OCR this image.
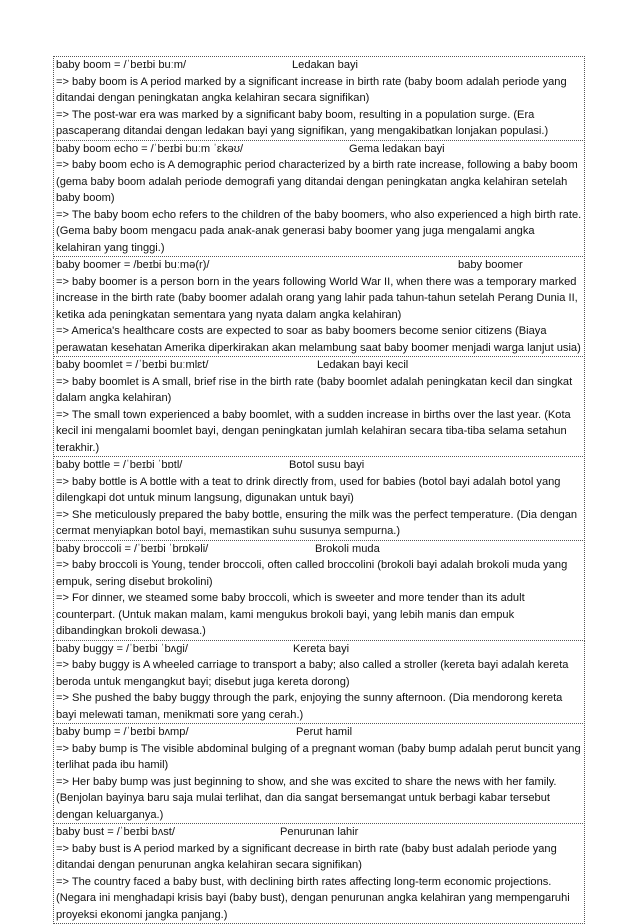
baby boom = /ˈbeɪbi buːm/	Ledakan bayi
=> baby boom is A period marked by a significant increase in birth rate (baby boom adalah periode yang ditandai dengan peningkatan angka kelahiran secara signifikan)
=> The post-war era was marked by a significant baby boom, resulting in a population surge. (Era pascaperang ditandai dengan ledakan bayi yang signifikan, yang mengakibatkan lonjakan populasi.)
baby boom echo = /ˈbeɪbi buːm ˈɛkəʊ/	Gema ledakan bayi
=> baby boom echo is A demographic period characterized by a birth rate increase, following a baby boom (gema baby boom adalah periode demografi yang ditandai dengan peningkatan angka kelahiran setelah baby boom)
=> The baby boom echo refers to the children of the baby boomers, who also experienced a high birth rate. (Gema baby boom mengacu pada anak-anak generasi baby boomer yang juga mengalami angka kelahiran yang tinggi.)
baby boomer = /beɪbi buːmə(r)/	baby boomer
=> baby boomer is a person born in the years following World War II, when there was a temporary marked increase in the birth rate (baby boomer adalah orang yang lahir pada tahun-tahun setelah Perang Dunia II, ketika ada peningkatan sementara yang nyata dalam angka kelahiran)
=> America's healthcare costs are expected to soar as baby boomers become senior citizens (Biaya perawatan kesehatan Amerika diperkirakan akan melambung saat baby boomer menjadi warga lanjut usia)
baby boomlet = /ˈbeɪbi buːmlɛt/	Ledakan bayi kecil
=> baby boomlet is A small, brief rise in the birth rate (baby boomlet adalah peningkatan kecil dan singkat dalam angka kelahiran)
=> The small town experienced a baby boomlet, with a sudden increase in births over the last year. (Kota kecil ini mengalami boomlet bayi, dengan peningkatan jumlah kelahiran secara tiba-tiba selama setahun terakhir.)
baby bottle = /ˈbeɪbi ˈbɒtl/	Botol susu bayi
=> baby bottle is A bottle with a teat to drink directly from, used for babies (botol bayi adalah botol yang dilengkapi dot untuk minum langsung, digunakan untuk bayi)
=> She meticulously prepared the baby bottle, ensuring the milk was the perfect temperature. (Dia dengan cermat menyiapkan botol bayi, memastikan suhu susunya sempurna.)
baby broccoli = /ˈbeɪbi ˈbrɒkəli/	Brokoli muda
=> baby broccoli is Young, tender broccoli, often called broccolini (brokoli bayi adalah brokoli muda yang empuk, sering disebut brokolini)
=> For dinner, we steamed some baby broccoli, which is sweeter and more tender than its adult counterpart. (Untuk makan malam, kami mengukus brokoli bayi, yang lebih manis dan empuk dibandingkan brokoli dewasa.)
baby buggy = /ˈbeɪbi ˈbʌgi/	Kereta bayi
=> baby buggy is A wheeled carriage to transport a baby; also called a stroller (kereta bayi adalah kereta beroda untuk mengangkut bayi; disebut juga kereta dorong)
=> She pushed the baby buggy through the park, enjoying the sunny afternoon. (Dia mendorong kereta bayi melewati taman, menikmati sore yang cerah.)
baby bump = /ˈbeɪbi bʌmp/	Perut hamil
=> baby bump is The visible abdominal bulging of a pregnant woman (baby bump adalah perut buncit yang terlihat pada ibu hamil)
=> Her baby bump was just beginning to show, and she was excited to share the news with her family. (Benjolan bayinya baru saja mulai terlihat, dan dia sangat bersemangat untuk berbagi kabar tersebut dengan keluarganya.)
baby bust = /ˈbeɪbi bʌst/	Penurunan lahir
=> baby bust is A period marked by a significant decrease in birth rate (baby bust adalah periode yang ditandai dengan penurunan angka kelahiran secara signifikan)
=> The country faced a baby bust, with declining birth rates affecting long-term economic projections. (Negara ini menghadapi krisis bayi (baby bust), dengan penurunan angka kelahiran yang mempengaruhi proyeksi ekonomi jangka panjang.)
